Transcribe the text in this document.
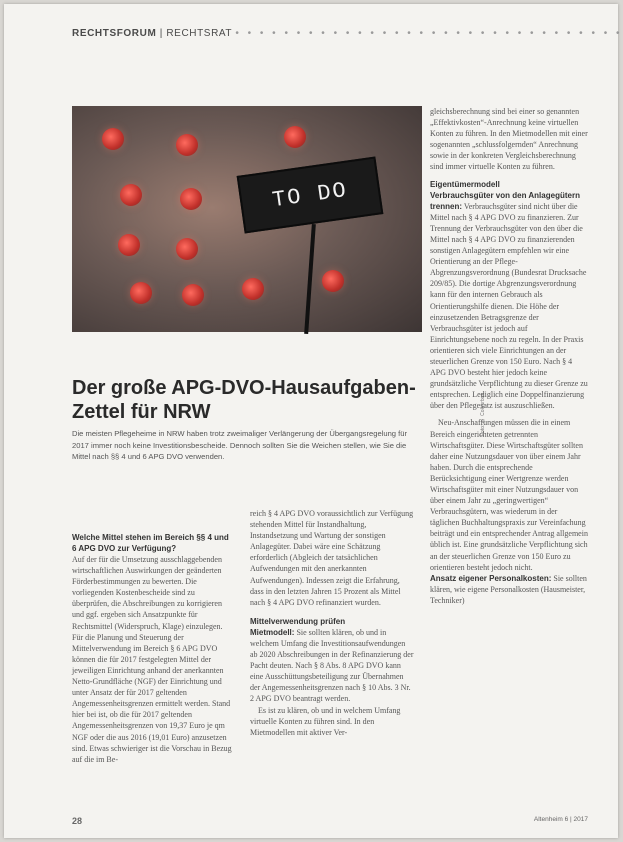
RECHTSFORUM | RECHTSRAT • • • • • • • • • • • • • • • • • • • • • • • • • • • • • • • •
TO DO
Foto: © Colourbox
Der große APG-DVO-Hausaufgaben-
Zettel für NRW
Die meisten Pflegeheime in NRW haben trotz zweimaliger Verlängerung der Übergangsregelung für 2017 immer noch keine Investitionsbescheide. Dennoch sollten Sie die Weichen stellen, wie Sie die Mittel nach §§ 4 und 6 APG DVO verwenden.

Welche Mittel stehen im Bereich §§ 4 und 6 APG DVO zur Verfügung?

Auf der für die Umsetzung ausschlaggebenden wirtschaftlichen Auswirkungen der geänderten Förderbestimmungen zu bewerten. Die vorliegenden Kostenbescheide sind zu überprüfen, die Abschreibungen zu korrigieren und ggf. ergeben sich Ansatzpunkte für Rechtsmittel (Widerspruch, Klage) einzulegen. Für die Planung und Steuerung der Mittelverwendung im Bereich § 6 APG DVO können die für 2017 festgelegten Mittel der jeweiligen Einrichtung anhand der anerkannten Netto-Grundfläche (NGF) der Einrichtung und unter Ansatz der für 2017 geltenden Angemessenheitsgrenzen ermittelt werden. Stand hier bei ist, ob die für 2017 geltenden Angemessenheitsgrenzen von 19,37 Euro je qm NGF oder die aus 2016 (19,01 Euro) anzusetzen sind. Etwas schwieriger ist die Vorschau in Bezug auf die im Be-

reich § 4 APG DVO voraussichtlich zur Verfügung stehenden Mittel für Instandhaltung, Instandsetzung und Wartung der sonstigen Anlagegüter. Dabei wäre eine Schätzung erforderlich (Abgleich der tatsächlichen Aufwendungen mit den anerkannten Aufwendungen). Indessen zeigt die Erfahrung, dass in den letzten Jahren 15 Prozent als Mittel nach § 4 APG DVO refinanziert wurden.

Mittelverwendung prüfen

Mietmodell: Sie sollten klären, ob und in welchem Umfang die Investitionsaufwendungen ab 2020 Abschreibungen in der Refinanzierung der Pacht deuten. Nach § 8 Abs. 8 APG DVO kann eine Ausschüttungsbeteiligung zur Übernahmen der Angemessenheitsgrenzen nach § 10 Abs. 3 Nr. 2 APG DVO beantragt werden.

Es ist zu klären, ob und in welchem Umfang virtuelle Konten zu führen sind. In den Mietmodellen mit aktiver Ver-

gleichsberechnung sind bei einer so genannten „Effektivkosten“-Anrechnung keine virtuellen Konten zu führen. In den Mietmodellen mit einer sogenannten „schlussfolgernden“ Anrechnung sowie in der konkreten Vergleichsberechnung sind immer virtuelle Konten zu führen.

Eigentümermodell

Verbrauchsgüter von den Anlagegütern trennen: Verbrauchsgüter sind nicht über die Mittel nach § 4 APG DVO zu finanzieren. Zur Trennung der Verbrauchsgüter von den über die Mittel nach § 4 APG DVO zu finanzierenden sonstigen Anlagegütern empfehlen wir eine Orientierung an der Pflege-Abgrenzungsverordnung (Bundesrat Drucksache 209/85). Die dortige Abgrenzungsverordnung kann für den internen Gebrauch als Orientierungshilfe dienen. Die Höhe der einzusetzenden Betragsgrenze der Verbrauchsgüter ist jedoch auf Einrichtungsebene noch zu regeln. In der Praxis orientieren sich viele Einrichtungen an der steuerlichen Grenze von 150 Euro. Nach § 4 APG DVO besteht hier jedoch keine grundsätzliche Verpflichtung zu dieser Grenze zu entsprechen. Lediglich eine Doppelfinanzierung über den Pflegesatz ist auszuschließen.

Neu-Anschaffungen müssen die in einem Bereich eingerichteten getrennten Wirtschaftsgüter. Diese Wirtschaftsgüter sollten daher eine Nutzungsdauer von über einem Jahr haben. Durch die entsprechende Berücksichtigung einer Wertgrenze werden Wirtschaftsgüter mit einer Nutzungsdauer von über einem Jahr zu „geringwertigen“ Verbrauchsgütern, was wiederum in der täglichen Buchhaltungspraxis zur Vereinfachung beiträgt und ein entsprechender Antrag allgemein üblich ist. Eine grundsätzliche Verpflichtung sich an der steuerlichen Grenze von 150 Euro zu orientieren besteht jedoch nicht.

Ansatz eigener Personalkosten: Sie sollten klären, wie eigene Personalkosten (Hausmeister, Techniker)

28	Altenheim 6 | 2017
